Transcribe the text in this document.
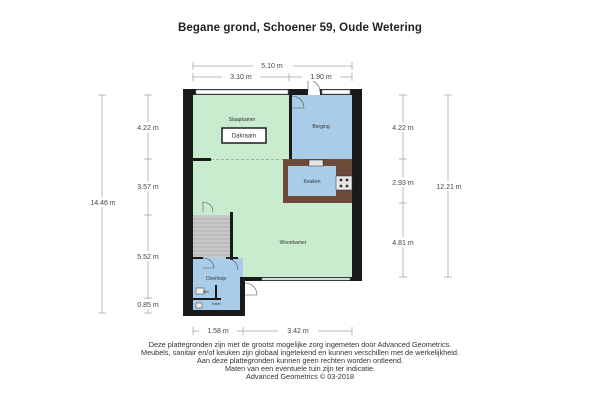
Begane grond, Schoener 59, Oude Wetering
Dakraam
Slaapkamer
Berging
Keuken
Woonkamer
Overloop
MK
Toilet
5.10 m
3.10 m	1.90 m
1.58 m	3.42 m
14.46 m
4.22 m
3.57 m
5.52 m
0.85 m
4.22 m
2.93 m
4.81 m
12.21 m
Deze plattegronden zijn met de grootst mogelijke zorg ingemeten door Advanced Geometrics.
Meubels, sanitair en/of keuken zijn globaal ingetekend en kunnen verschillen met de werkelijkheid.
Aan deze plattegronden kunnen geen rechten worden ontleend.
Maten van een eventuele tuin zijn ter indicatie.
Advanced Geometrics © 03-2018
